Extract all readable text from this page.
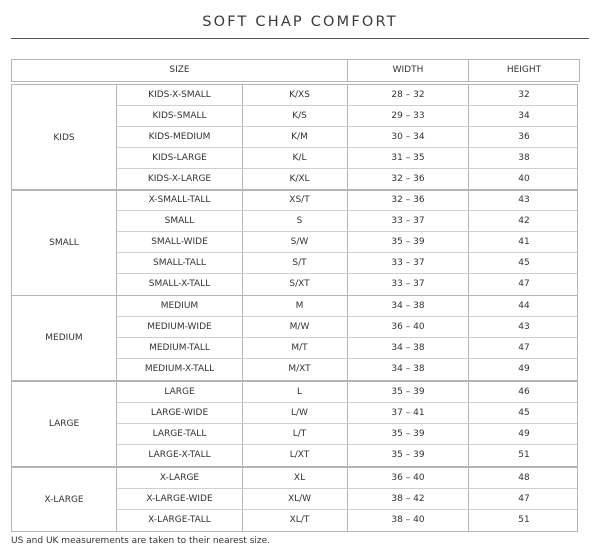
SOFT CHAP COMFORT
SIZE	WIDTH	HEIGHT
KIDS
KIDS-X-SMALL	K/XS	28 – 32	32
KIDS-SMALL	K/S	29 – 33	34
KIDS-MEDIUM	K/M	30 – 34	36
KIDS-LARGE	K/L	31 – 35	38
KIDS-X-LARGE	K/XL	32 – 36	40
SMALL
X-SMALL-TALL	XS/T	32 – 36	43
SMALL	S	33 – 37	42
SMALL-WIDE	S/W	35 – 39	41
SMALL-TALL	S/T	33 – 37	45
SMALL-X-TALL	S/XT	33 – 37	47
MEDIUM
MEDIUM	M	34 – 38	44
MEDIUM-WIDE	M/W	36 – 40	43
MEDIUM-TALL	M/T	34 – 38	47
MEDIUM-X-TALL	M/XT	34 – 38	49
LARGE
LARGE	L	35 – 39	46
LARGE-WIDE	L/W	37 – 41	45
LARGE-TALL	L/T	35 – 39	49
LARGE-X-TALL	L/XT	35 – 39	51
X-LARGE
X-LARGE	XL	36 – 40	48
X-LARGE-WIDE	XL/W	38 – 42	47
X-LARGE-TALL	XL/T	38 – 40	51
US and UK measurements are taken to their nearest size.
